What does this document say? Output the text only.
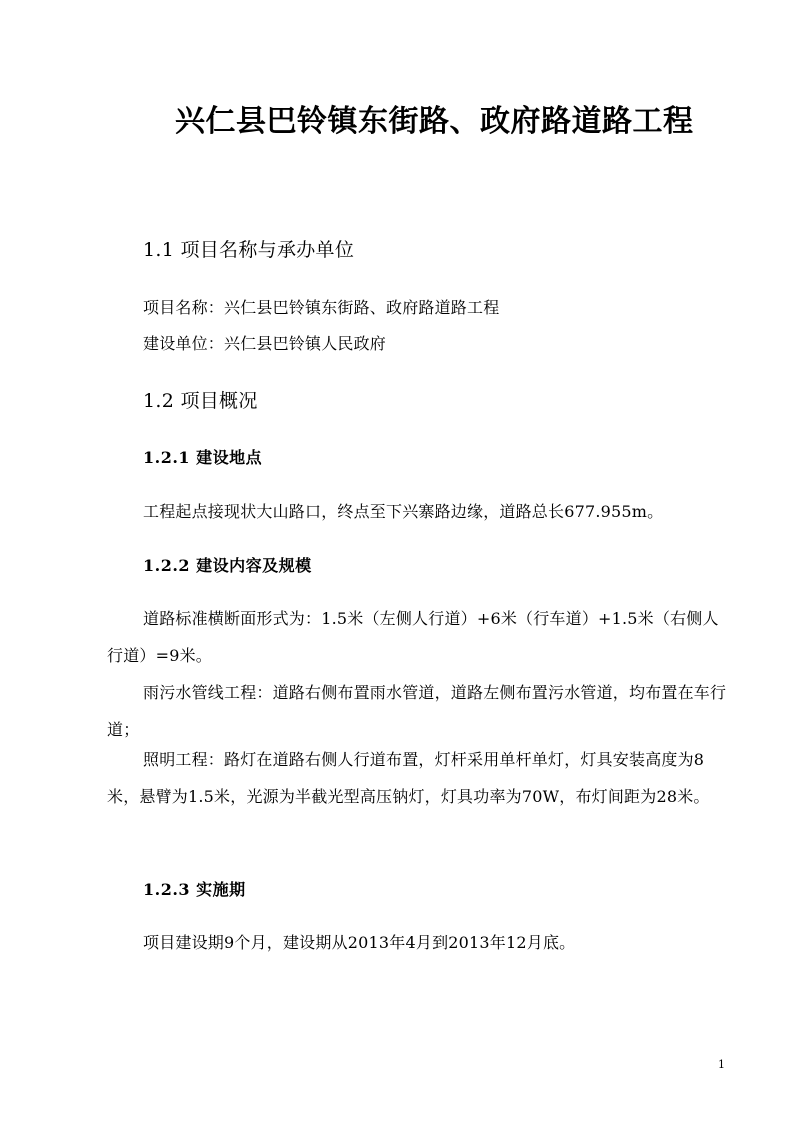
兴仁县巴铃镇东街路、政府路道路工程
1.1 项目名称与承办单位
项目名称：兴仁县巴铃镇东街路、政府路道路工程
建设单位：兴仁县巴铃镇人民政府
1.2 项目概况
1.2.1 建设地点
工程起点接现状大山路口，终点至下兴寨路边缘，道路总长677.955m。
1.2.2 建设内容及规模
道路标准横断面形式为：1.5米（左侧人行道）+6米（行车道）+1.5米（右侧人行道）=9米。
雨污水管线工程：道路右侧布置雨水管道，道路左侧布置污水管道，均布置在车行道；
照明工程：路灯在道路右侧人行道布置，灯杆采用单杆单灯，灯具安装高度为8米，悬臂为1.5米，光源为半截光型高压钠灯，灯具功率为70W，布灯间距为28米。
1.2.3 实施期
项目建设期9个月，建设期从2013年4月到2013年12月底。
1
